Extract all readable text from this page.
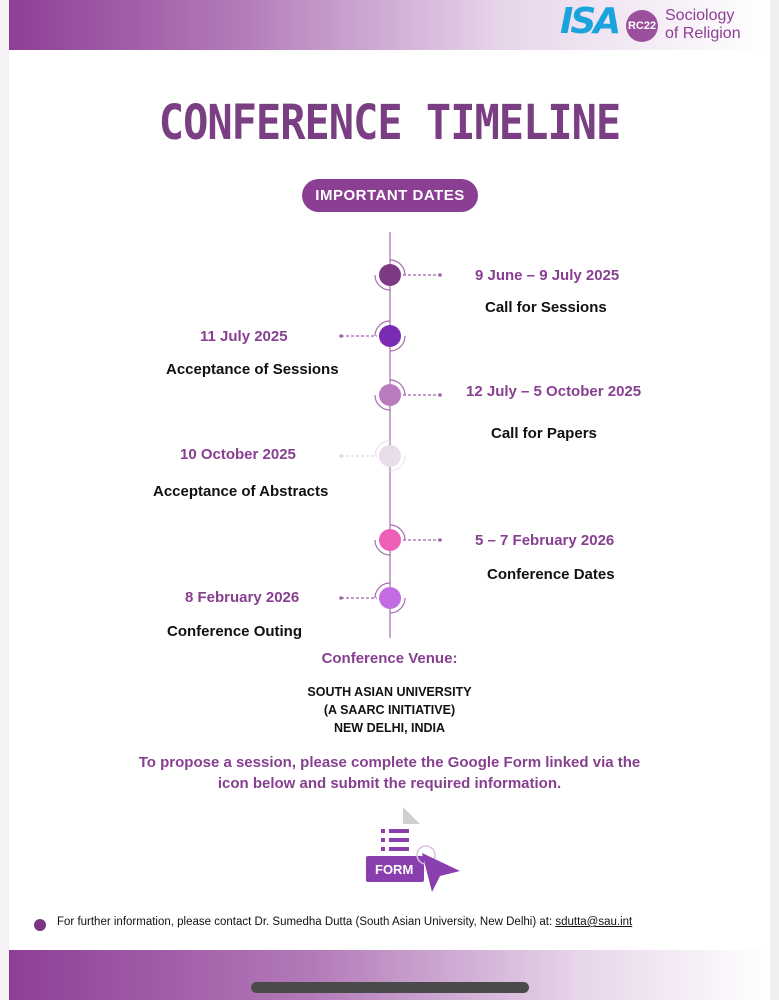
ISA RC22
Sociology
of Religion
CONFERENCE TIMELINE
IMPORTANT DATES
9 June – 9 July 2025
Call for Sessions
11 July 2025
Acceptance of Sessions
12 July – 5 October 2025
Call for Papers
10 October 2025
Acceptance of Abstracts
5 – 7 February 2026
Conference Dates
8 February 2026
Conference Outing
Conference Venue:
SOUTH ASIAN UNIVERSITY
(A SAARC INITIATIVE)
NEW DELHI, INDIA
To propose a session, please complete the Google Form linked via the
icon below and submit the required information.
FORM
For further information, please contact Dr. Sumedha Dutta (South Asian University, New Delhi) at: sdutta@sau.int
